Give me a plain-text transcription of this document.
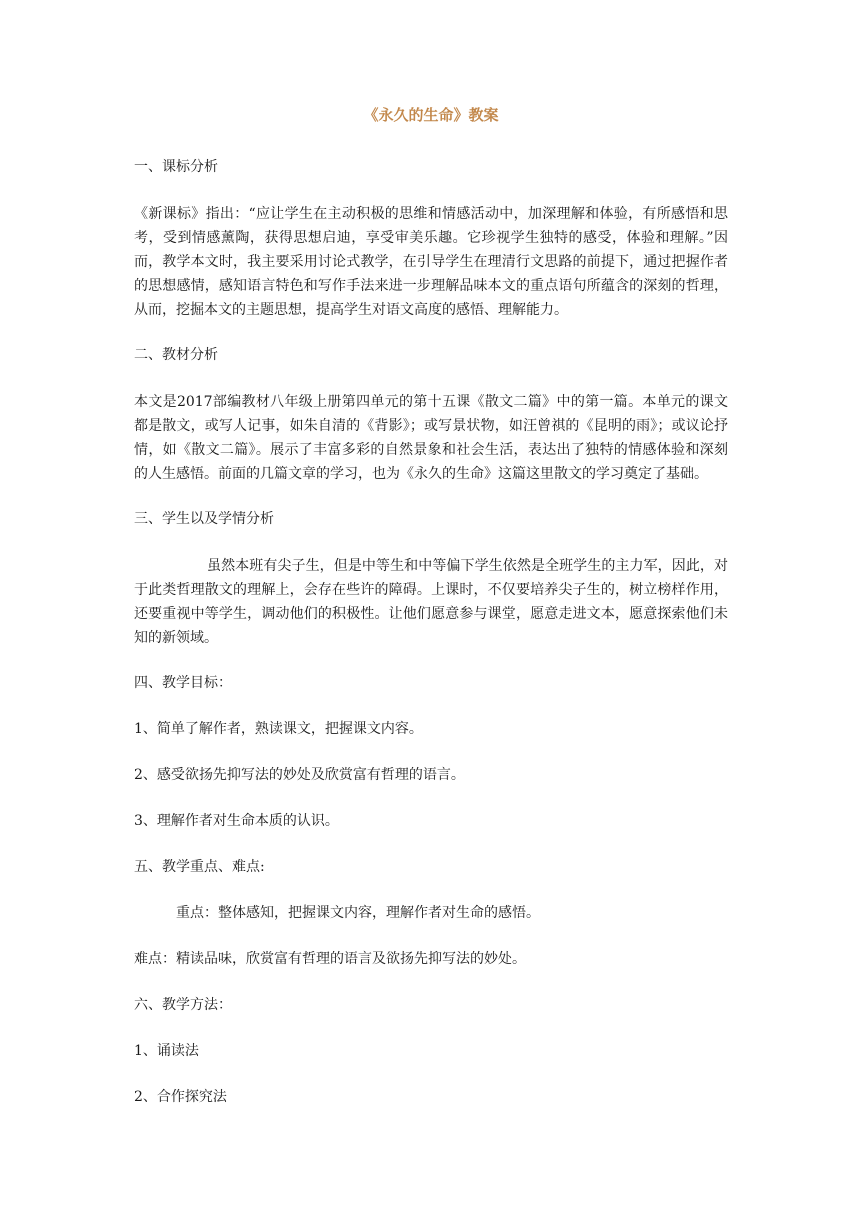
《永久的生命》教案
一、课标分析
《新课标》指出：“应让学生在主动积极的思维和情感活动中，加深理解和体验，有所感悟和思考，受到情感薰陶，获得思想启迪，享受审美乐趣。它珍视学生独特的感受，体验和理解。”因而，教学本文时，我主要采用讨论式教学，在引导学生在理清行文思路的前提下，通过把握作者的思想感情，感知语言特色和写作手法来进一步理解品味本文的重点语句所蕴含的深刻的哲理，从而，挖掘本文的主题思想，提高学生对语文高度的感悟、理解能力。
二、教材分析
本文是2017部编教材八年级上册第四单元的第十五课《散文二篇》中的第一篇。本单元的课文都是散文，或写人记事，如朱自清的《背影》；或写景状物，如汪曾祺的《昆明的雨》；或议论抒情，如《散文二篇》。展示了丰富多彩的自然景象和社会生活，表达出了独特的情感体验和深刻的人生感悟。前面的几篇文章的学习，也为《永久的生命》这篇这里散文的学习奠定了基础。
三、学生以及学情分析
虽然本班有尖子生，但是中等生和中等偏下学生依然是全班学生的主力军，因此，对于此类哲理散文的理解上，会存在些许的障碍。上课时，不仅要培养尖子生的，树立榜样作用，还要重视中等学生，调动他们的积极性。让他们愿意参与课堂，愿意走进文本，愿意探索他们未知的新领域。
四、教学目标：
1、简单了解作者，熟读课文，把握课文内容。
2、感受欲扬先抑写法的妙处及欣赏富有哲理的语言。
3、理解作者对生命本质的认识。
五、教学重点、难点:
重点：整体感知，把握课文内容，理解作者对生命的感悟。
难点：精读品味，欣赏富有哲理的语言及欲扬先抑写法的妙处。
六、教学方法：
1、诵读法
2、合作探究法
